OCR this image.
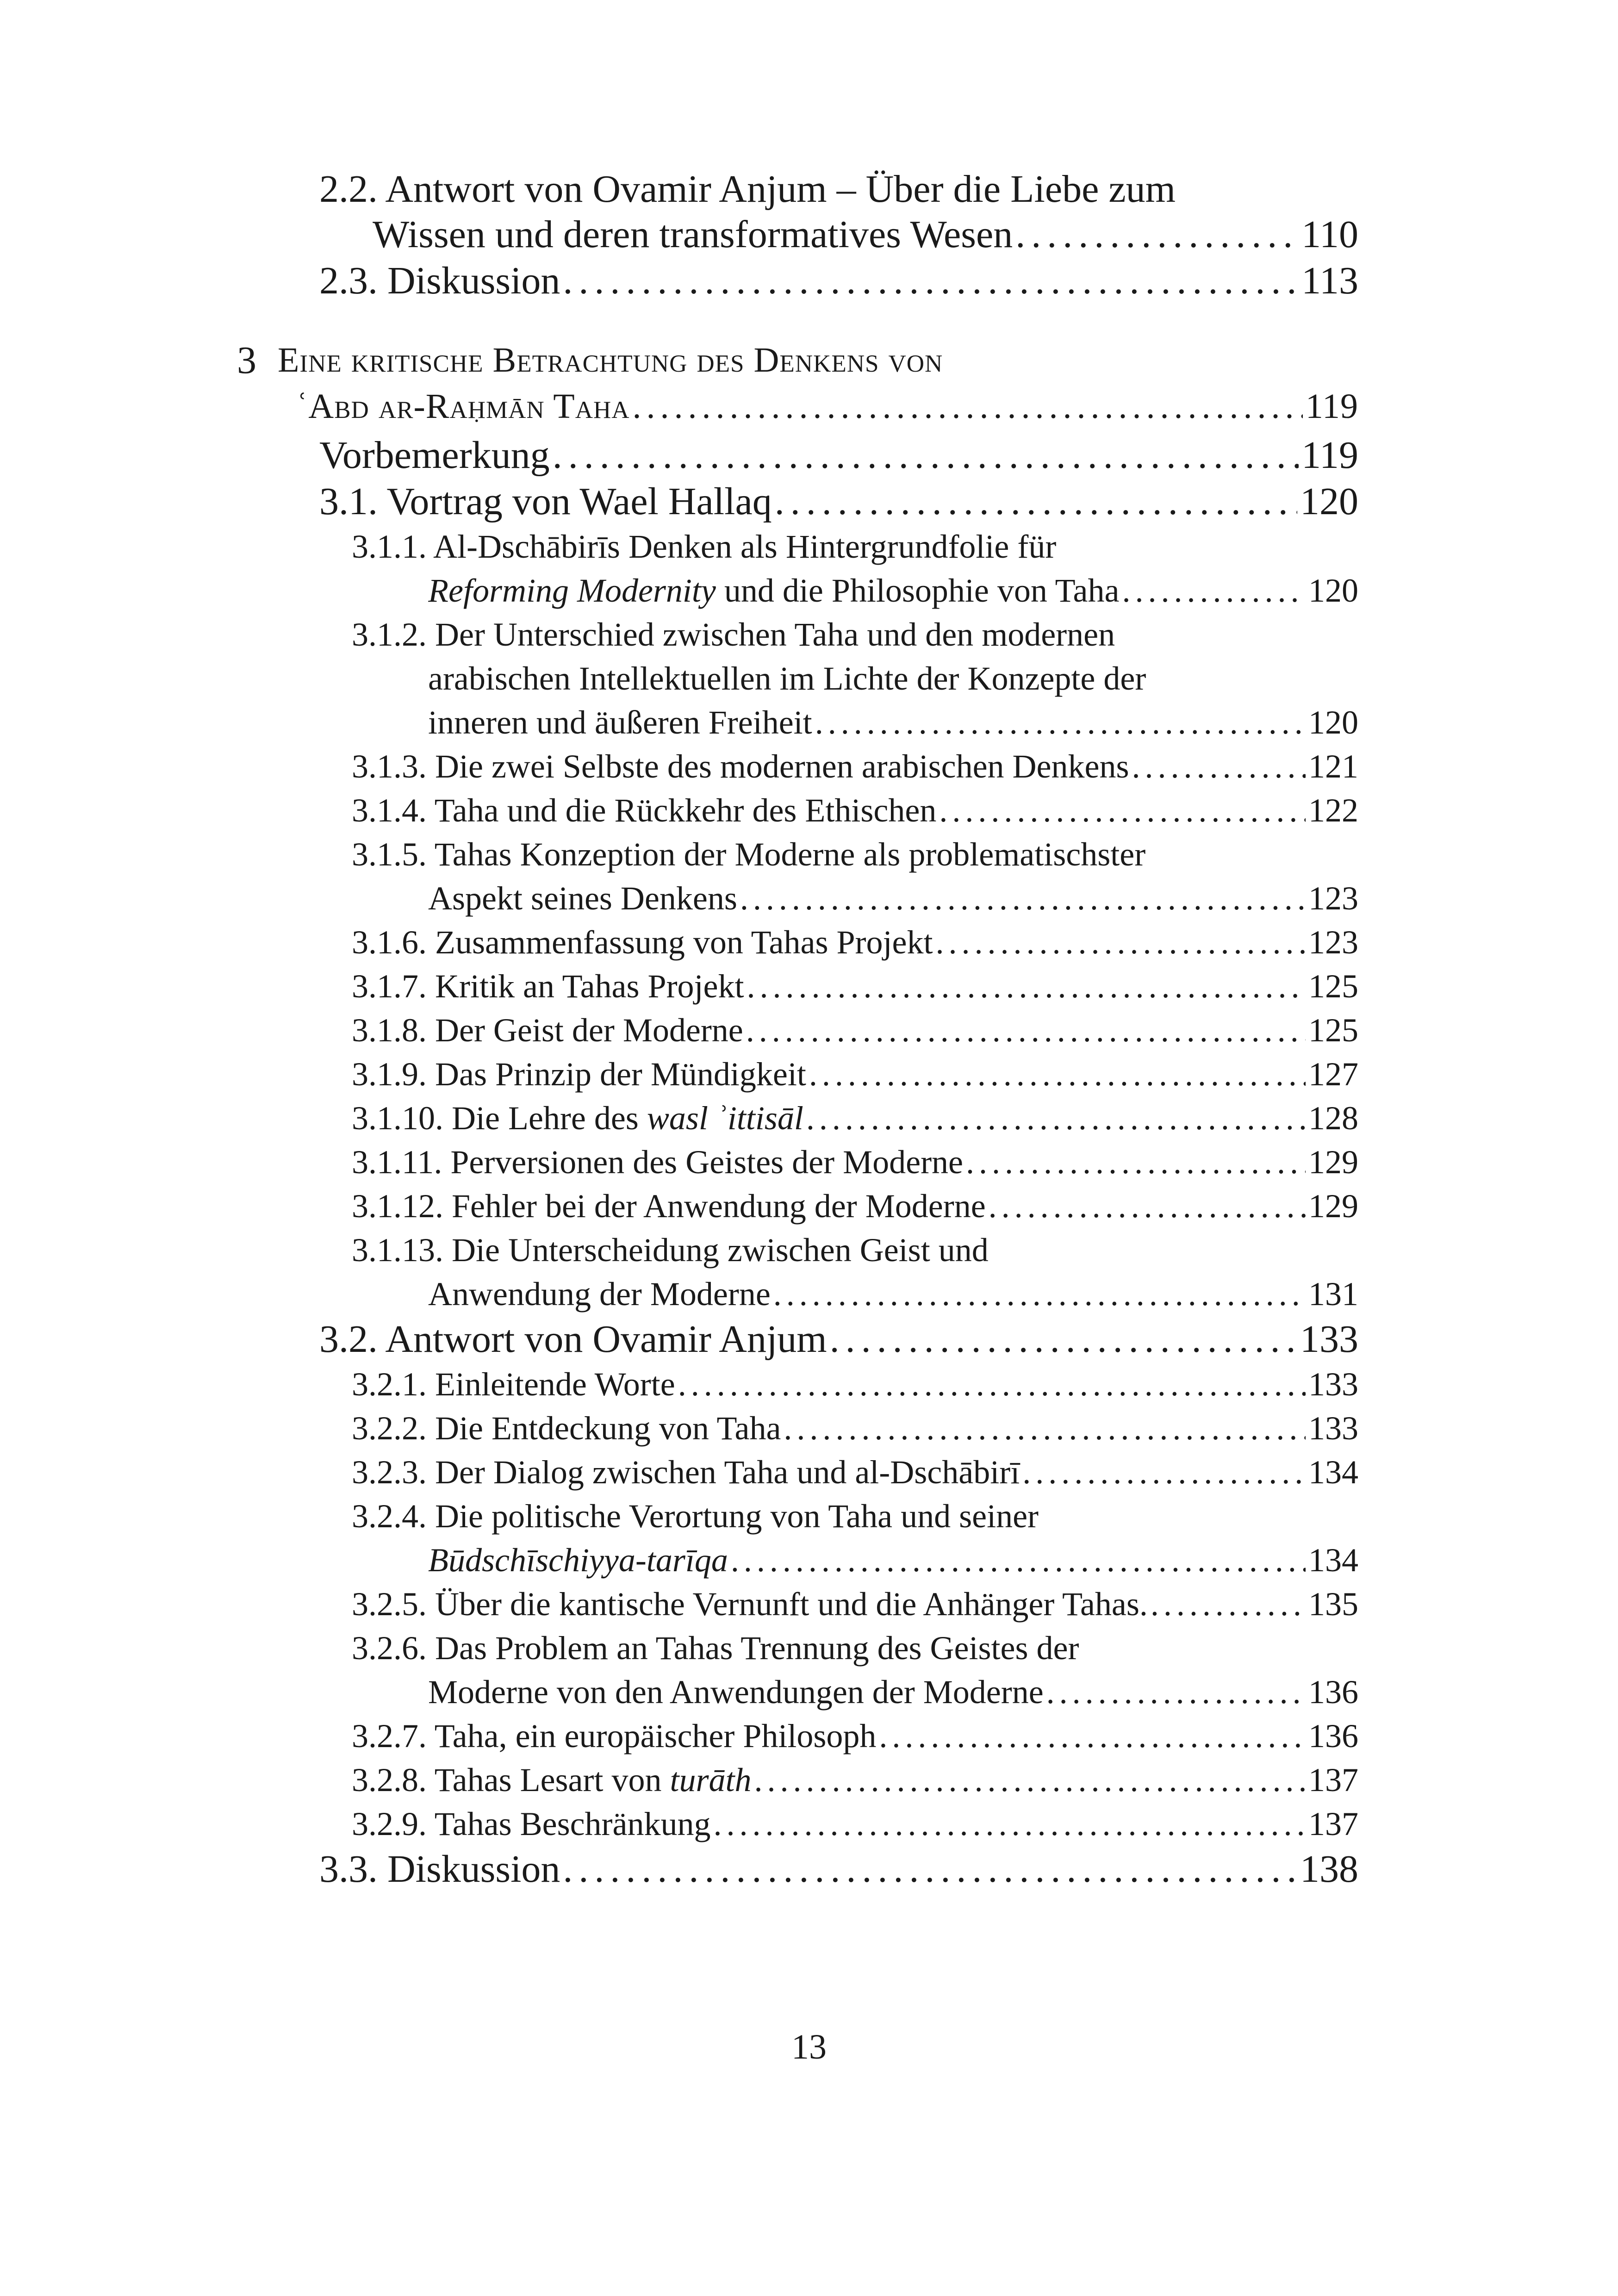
2.2. Antwort von Ovamir Anjum – Über die Liebe zum
Wissen und deren transformatives Wesen . . .	110
2.3. Diskussion . . .	113
3 Eine kritische Betrachtung des Denkens von
ʿAbd ar-Raḥmān Taha . . .	119
Vorbemerkung . . .	119
3.1. Vortrag von Wael Hallaq . . .	120
3.1.1. Al-Dschābirīs Denken als Hintergrundfolie für
Reforming Modernity und die Philosophie von Taha . . .	120
3.1.2. Der Unterschied zwischen Taha und den modernen
arabischen Intellektuellen im Lichte der Konzepte der
inneren und äußeren Freiheit . . .	120
3.1.3. Die zwei Selbste des modernen arabischen Denkens . . .	121
3.1.4. Taha und die Rückkehr des Ethischen . . .	122
3.1.5. Tahas Konzeption der Moderne als problematischster
Aspekt seines Denkens . . .	123
3.1.6. Zusammenfassung von Tahas Projekt . . .	123
3.1.7. Kritik an Tahas Projekt . . .	125
3.1.8. Der Geist der Moderne . . .	125
3.1.9. Das Prinzip der Mündigkeit . . .	127
3.1.10. Die Lehre des wasl ʾittisāl . . .	128
3.1.11. Perversionen des Geistes der Moderne . . .	129
3.1.12. Fehler bei der Anwendung der Moderne . . .	129
3.1.13. Die Unterscheidung zwischen Geist und
Anwendung der Moderne . . .	131
3.2. Antwort von Ovamir Anjum . . .	133
3.2.1. Einleitende Worte . . .	133
3.2.2. Die Entdeckung von Taha . . .	133
3.2.3. Der Dialog zwischen Taha und al-Dschābirī . . .	134
3.2.4. Die politische Verortung von Taha und seiner
Būdschīschiyya-tarīqa . . .	134
3.2.5. Über die kantische Vernunft und die Anhänger Tahas. . . .	135
3.2.6. Das Problem an Tahas Trennung des Geistes der
Moderne von den Anwendungen der Moderne . . .	136
3.2.7. Taha, ein europäischer Philosoph . . .	136
3.2.8. Tahas Lesart von turāth . . .	137
3.2.9. Tahas Beschränkung . . .	137
3.3. Diskussion . . .	138
13
